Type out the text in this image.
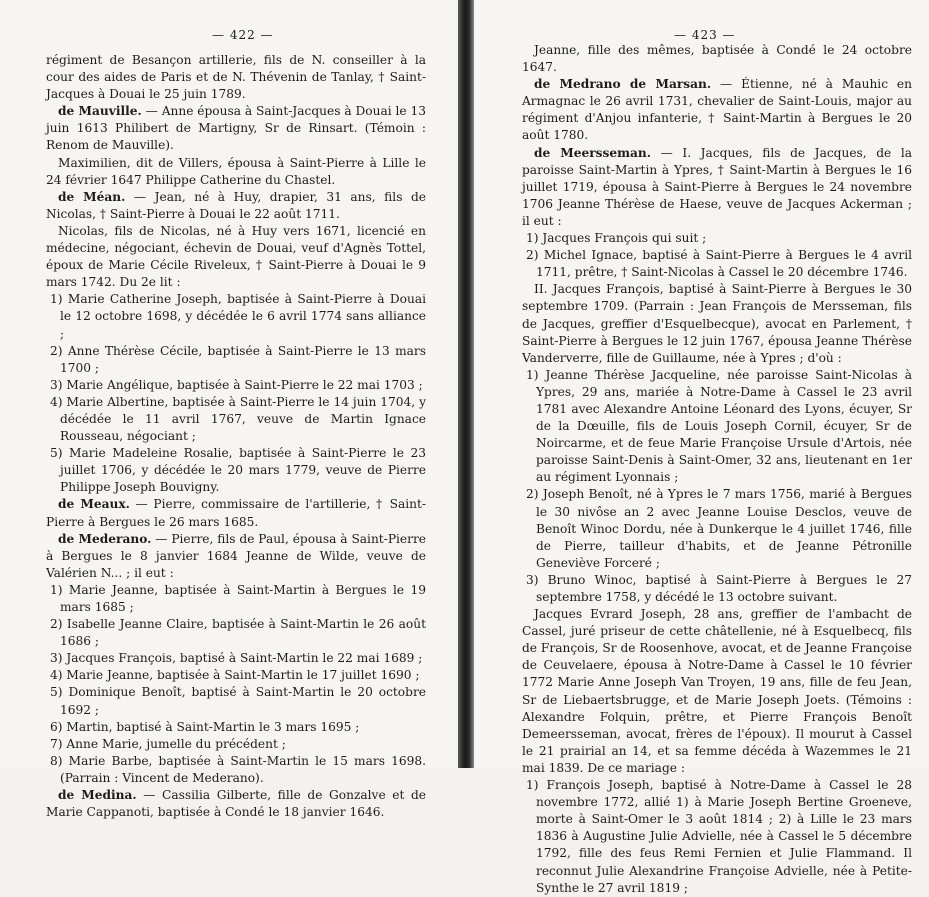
— 422 —

régiment de Besançon artillerie, fils de N. conseiller à la cour des aides de Paris et de N. Thévenin de Tanlay, † Saint-Jacques à Douai le 25 juin 1789.

de Mauville. — Anne épousa à Saint-Jacques à Douai le 13 juin 1613 Philibert de Martigny, Sr de Rinsart. (Témoin : Renom de Mauville).

Maximilien, dit de Villers, épousa à Saint-Pierre à Lille le 24 février 1647 Philippe Catherine du Chastel.

de Méan. — Jean, né à Huy, drapier, 31 ans, fils de Nicolas, † Saint-Pierre à Douai le 22 août 1711.

Nicolas, fils de Nicolas, né à Huy vers 1671, licencié en médecine, négociant, échevin de Douai, veuf d'Agnès Tottel, époux de Marie Cécile Riveleux, † Saint-Pierre à Douai le 9 mars 1742. Du 2e lit :

1) Marie Catherine Joseph, baptisée à Saint-Pierre à Douai le 12 octobre 1698, y décédée le 6 avril 1774 sans alliance ;

2) Anne Thérèse Cécile, baptisée à Saint-Pierre le 13 mars 1700 ;

3) Marie Angélique, baptisée à Saint-Pierre le 22 mai 1703 ;

4) Marie Albertine, baptisée à Saint-Pierre le 14 juin 1704, y décédée le 11 avril 1767, veuve de Martin Ignace Rousseau, négociant ;

5) Marie Madeleine Rosalie, baptisée à Saint-Pierre le 23 juillet 1706, y décédée le 20 mars 1779, veuve de Pierre Philippe Joseph Bouvigny.

de Meaux. — Pierre, commissaire de l'artillerie, † Saint-Pierre à Bergues le 26 mars 1685.

de Mederano. — Pierre, fils de Paul, épousa à Saint-Pierre à Bergues le 8 janvier 1684 Jeanne de Wilde, veuve de Valérien N... ; il eut :

1) Marie Jeanne, baptisée à Saint-Martin à Bergues le 19 mars 1685 ;

2) Isabelle Jeanne Claire, baptisée à Saint-Martin le 26 août 1686 ;

3) Jacques François, baptisé à Saint-Martin le 22 mai 1689 ;

4) Marie Jeanne, baptisée à Saint-Martin le 17 juillet 1690 ;

5) Dominique Benoît, baptisé à Saint-Martin le 20 octobre 1692 ;

6) Martin, baptisé à Saint-Martin le 3 mars 1695 ;

7) Anne Marie, jumelle du précédent ;

8) Marie Barbe, baptisée à Saint-Martin le 15 mars 1698. (Parrain : Vincent de Mederano).

de Medina. — Cassilia Gilberte, fille de Gonzalve et de Marie Cappanoti, baptisée à Condé le 18 janvier 1646.

— 423 —

Jeanne, fille des mêmes, baptisée à Condé le 24 octobre 1647.

de Medrano de Marsan. — Étienne, né à Mauhic en Armagnac le 26 avril 1731, chevalier de Saint-Louis, major au régiment d'Anjou infanterie, † Saint-Martin à Bergues le 20 août 1780.

de Meersseman. — I. Jacques, fils de Jacques, de la paroisse Saint-Martin à Ypres, † Saint-Martin à Bergues le 16 juillet 1719, épousa à Saint-Pierre à Bergues le 24 novembre 1706 Jeanne Thérèse de Haese, veuve de Jacques Ackerman ; il eut :

1) Jacques François qui suit ;

2) Michel Ignace, baptisé à Saint-Pierre à Bergues le 4 avril 1711, prêtre, † Saint-Nicolas à Cassel le 20 décembre 1746.

II. Jacques François, baptisé à Saint-Pierre à Bergues le 30 septembre 1709. (Parrain : Jean François de Mersseman, fils de Jacques, greffier d'Esquelbecque), avocat en Parlement, † Saint-Pierre à Bergues le 12 juin 1767, épousa Jeanne Thérèse Vanderverre, fille de Guillaume, née à Ypres ; d'où :

1) Jeanne Thérèse Jacqueline, née paroisse Saint-Nicolas à Ypres, 29 ans, mariée à Notre-Dame à Cassel le 23 avril 1781 avec Alexandre Antoine Léonard des Lyons, écuyer, Sr de la Dœuille, fils de Louis Joseph Cornil, écuyer, Sr de Noircarme, et de feue Marie Françoise Ursule d'Artois, née paroisse Saint-Denis à Saint-Omer, 32 ans, lieutenant en 1er au régiment Lyonnais ;

2) Joseph Benoît, né à Ypres le 7 mars 1756, marié à Bergues le 30 nivôse an 2 avec Jeanne Louise Desclos, veuve de Benoît Winoc Dordu, née à Dunkerque le 4 juillet 1746, fille de Pierre, tailleur d'habits, et de Jeanne Pétronille Geneviève Forceré ;

3) Bruno Winoc, baptisé à Saint-Pierre à Bergues le 27 septembre 1758, y décédé le 13 octobre suivant.

Jacques Evrard Joseph, 28 ans, greffier de l'ambacht de Cassel, juré priseur de cette châtellenie, né à Esquelbecq, fils de François, Sr de Roosenhove, avocat, et de Jeanne Françoise de Ceuvelaere, épousa à Notre-Dame à Cassel le 10 février 1772 Marie Anne Joseph Van Troyen, 19 ans, fille de feu Jean, Sr de Liebaertsbrugge, et de Marie Joseph Joets. (Témoins : Alexandre Folquin, prêtre, et Pierre François Benoît Demeersseman, avocat, frères de l'époux). Il mourut à Cassel le 21 prairial an 14, et sa femme décéda à Wazemmes le 21 mai 1839. De ce mariage :

1) François Joseph, baptisé à Notre-Dame à Cassel le 28 novembre 1772, allié 1) à Marie Joseph Bertine Groeneve, morte à Saint-Omer le 3 août 1814 ; 2) à Lille le 23 mars 1836 à Augustine Julie Advielle, née à Cassel le 5 décembre 1792, fille des feus Remi Fernien et Julie Flammand. Il reconnut Julie Alexandrine Françoise Advielle, née à Petite-Synthe le 27 avril 1819 ;
